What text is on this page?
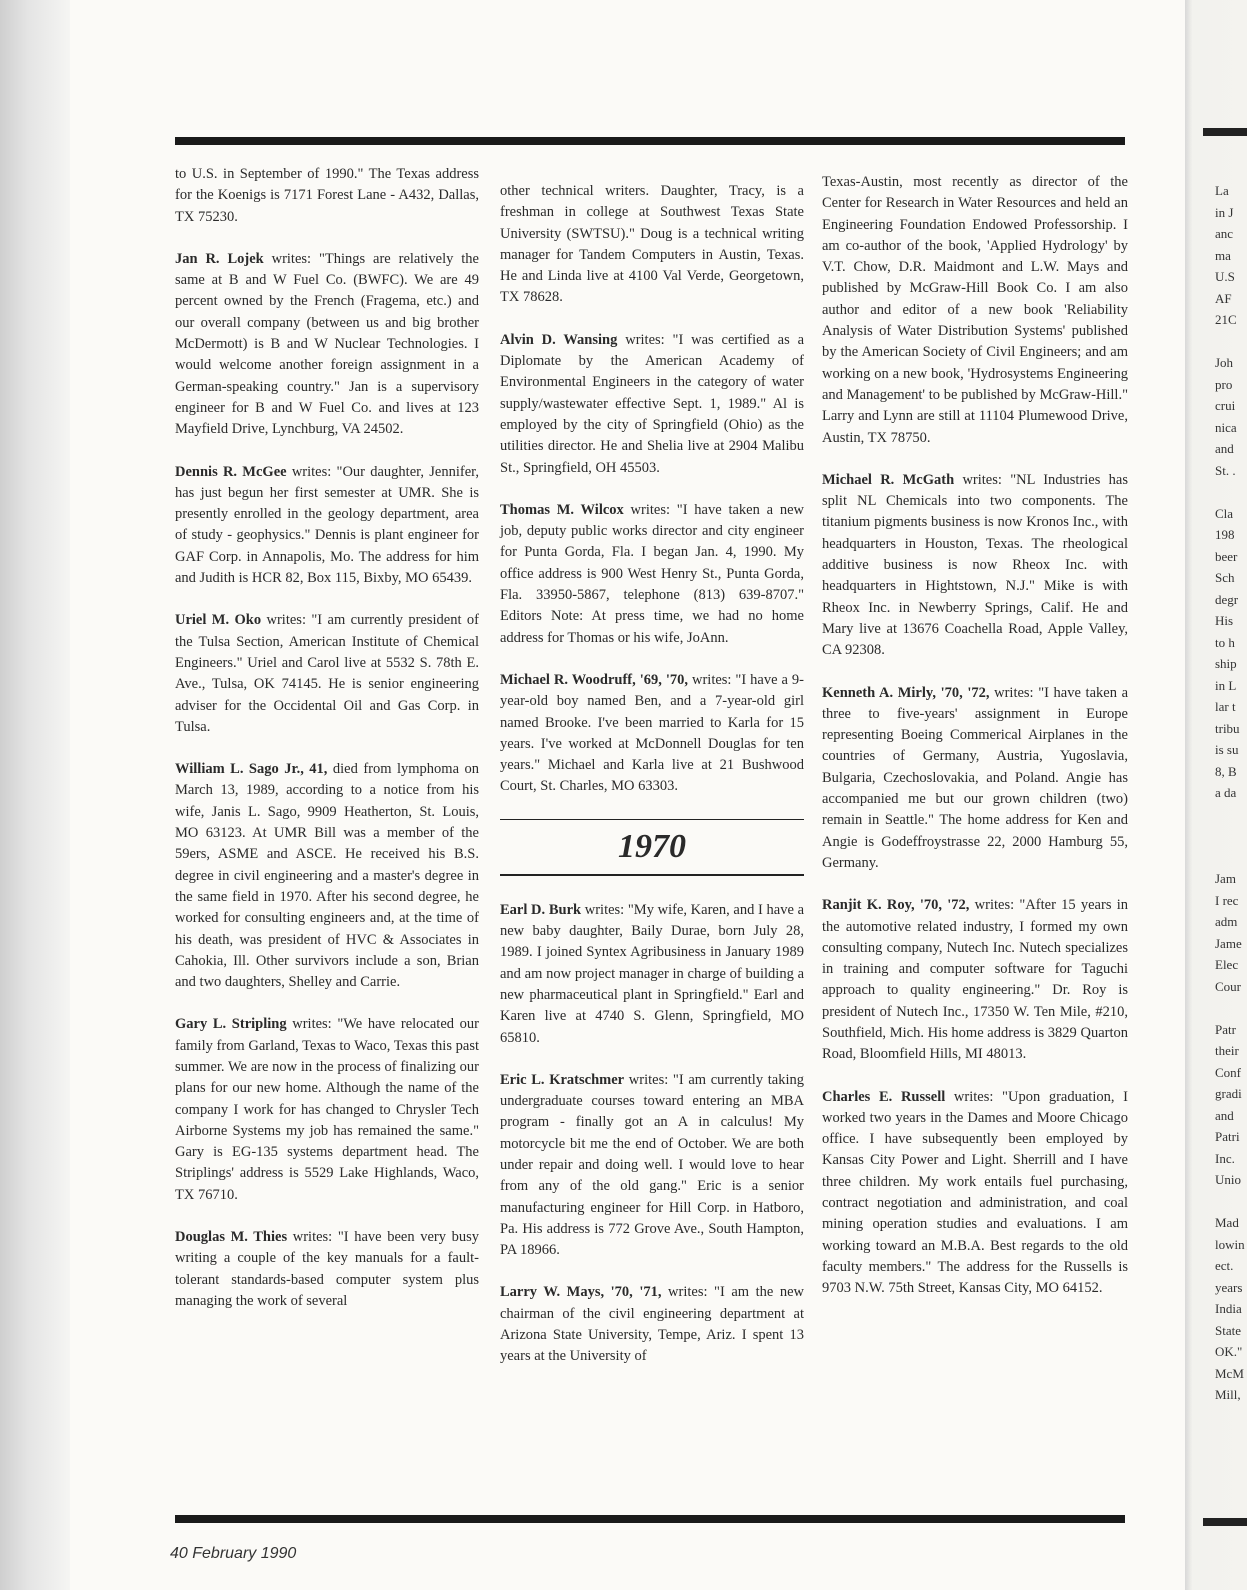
to U.S. in September of 1990." The Texas address for the Koenigs is 7171 Forest Lane - A432, Dallas, TX 75230.

Jan R. Lojek writes: "Things are relatively the same at B and W Fuel Co. (BWFC). We are 49 percent owned by the French (Fragema, etc.) and our overall company (between us and big brother McDermott) is B and W Nuclear Technologies. I would welcome another foreign assignment in a German-speaking country." Jan is a supervisory engineer for B and W Fuel Co. and lives at 123 Mayfield Drive, Lynchburg, VA 24502.

Dennis R. McGee writes: "Our daughter, Jennifer, has just begun her first semester at UMR. She is presently enrolled in the geology department, area of study - geophysics." Dennis is plant engineer for GAF Corp. in Annapolis, Mo. The address for him and Judith is HCR 82, Box 115, Bixby, MO 65439.

Uriel M. Oko writes: "I am currently president of the Tulsa Section, American Institute of Chemical Engineers." Uriel and Carol live at 5532 S. 78th E. Ave., Tulsa, OK 74145. He is senior engineering adviser for the Occidental Oil and Gas Corp. in Tulsa.

William L. Sago Jr., 41, died from lymphoma on March 13, 1989, according to a notice from his wife, Janis L. Sago, 9909 Heatherton, St. Louis, MO 63123. At UMR Bill was a member of the 59ers, ASME and ASCE. He received his B.S. degree in civil engineering and a master's degree in the same field in 1970. After his second degree, he worked for consulting engineers and, at the time of his death, was president of HVC & Associates in Cahokia, Ill. Other survivors include a son, Brian and two daughters, Shelley and Carrie.

Gary L. Stripling writes: "We have relocated our family from Garland, Texas to Waco, Texas this past summer. We are now in the process of finalizing our plans for our new home. Although the name of the company I work for has changed to Chrysler Tech Airborne Systems my job has remained the same." Gary is EG-135 systems department head. The Striplings' address is 5529 Lake Highlands, Waco, TX 76710.

Douglas M. Thies writes: "I have been very busy writing a couple of the key manuals for a fault-tolerant standards-based computer system plus managing the work of several

other technical writers. Daughter, Tracy, is a freshman in college at Southwest Texas State University (SWTSU)." Doug is a technical writing manager for Tandem Computers in Austin, Texas. He and Linda live at 4100 Val Verde, Georgetown, TX 78628.

Alvin D. Wansing writes: "I was certified as a Diplomate by the American Academy of Environmental Engineers in the category of water supply/wastewater effective Sept. 1, 1989." Al is employed by the city of Springfield (Ohio) as the utilities director. He and Shelia live at 2904 Malibu St., Springfield, OH 45503.

Thomas M. Wilcox writes: "I have taken a new job, deputy public works director and city engineer for Punta Gorda, Fla. I began Jan. 4, 1990. My office address is 900 West Henry St., Punta Gorda, Fla. 33950-5867, telephone (813) 639-8707." Editors Note: At press time, we had no home address for Thomas or his wife, JoAnn.

Michael R. Woodruff, '69, '70, writes: "I have a 9-year-old boy named Ben, and a 7-year-old girl named Brooke. I've been married to Karla for 15 years. I've worked at McDonnell Douglas for ten years." Michael and Karla live at 21 Bushwood Court, St. Charles, MO 63303.

1970

Earl D. Burk writes: "My wife, Karen, and I have a new baby daughter, Baily Durae, born July 28, 1989. I joined Syntex Agribusiness in January 1989 and am now project manager in charge of building a new pharmaceutical plant in Springfield." Earl and Karen live at 4740 S. Glenn, Springfield, MO 65810.

Eric L. Kratschmer writes: "I am currently taking undergraduate courses toward entering an MBA program - finally got an A in calculus! My motorcycle bit me the end of October. We are both under repair and doing well. I would love to hear from any of the old gang." Eric is a senior manufacturing engineer for Hill Corp. in Hatboro, Pa. His address is 772 Grove Ave., South Hampton, PA 18966.

Larry W. Mays, '70, '71, writes: "I am the new chairman of the civil engineering department at Arizona State University, Tempe, Ariz. I spent 13 years at the University of

Texas-Austin, most recently as director of the Center for Research in Water Resources and held an Engineering Foundation Endowed Professorship. I am co-author of the book, 'Applied Hydrology' by V.T. Chow, D.R. Maidmont and L.W. Mays and published by McGraw-Hill Book Co. I am also author and editor of a new book 'Reliability Analysis of Water Distribution Systems' published by the American Society of Civil Engineers; and am working on a new book, 'Hydrosystems Engineering and Management' to be published by McGraw-Hill." Larry and Lynn are still at 11104 Plumewood Drive, Austin, TX 78750.

Michael R. McGath writes: "NL Industries has split NL Chemicals into two components. The titanium pigments business is now Kronos Inc., with headquarters in Houston, Texas. The rheological additive business is now Rheox Inc. with headquarters in Hightstown, N.J." Mike is with Rheox Inc. in Newberry Springs, Calif. He and Mary live at 13676 Coachella Road, Apple Valley, CA 92308.

Kenneth A. Mirly, '70, '72, writes: "I have taken a three to five-years' assignment in Europe representing Boeing Commerical Airplanes in the countries of Germany, Austria, Yugoslavia, Bulgaria, Czechoslovakia, and Poland. Angie has accompanied me but our grown children (two) remain in Seattle." The home address for Ken and Angie is Godeffroystrasse 22, 2000 Hamburg 55, Germany.

Ranjit K. Roy, '70, '72, writes: "After 15 years in the automotive related industry, I formed my own consulting company, Nutech Inc. Nutech specializes in training and computer software for Taguchi approach to quality engineering." Dr. Roy is president of Nutech Inc., 17350 W. Ten Mile, #210, Southfield, Mich. His home address is 3829 Quarton Road, Bloomfield Hills, MI 48013.

Charles E. Russell writes: "Upon graduation, I worked two years in the Dames and Moore Chicago office. I have subsequently been employed by Kansas City Power and Light. Sherrill and I have three children. My work entails fuel purchasing, contract negotiation and administration, and coal mining operation studies and evaluations. I am working toward an M.B.A. Best regards to the old faculty members." The address for the Russells is 9703 N.W. 75th Street, Kansas City, MO 64152.

40 February 1990
La
in J
anc
ma
U.S
AF
21C

Joh
pro
crui
nica
and
St. .

Cla
198
beer
Sch
degr
His
to h
ship
in L
lar t
tribu
is su
8, B
a da

Jam
I rec
adm
Jame
Elec
Cour

Patr
their
Conf
gradi
and
Patri
Inc.
Unio

Mad
lowin
ect.
years
India
State
OK."
McM
Mill,
